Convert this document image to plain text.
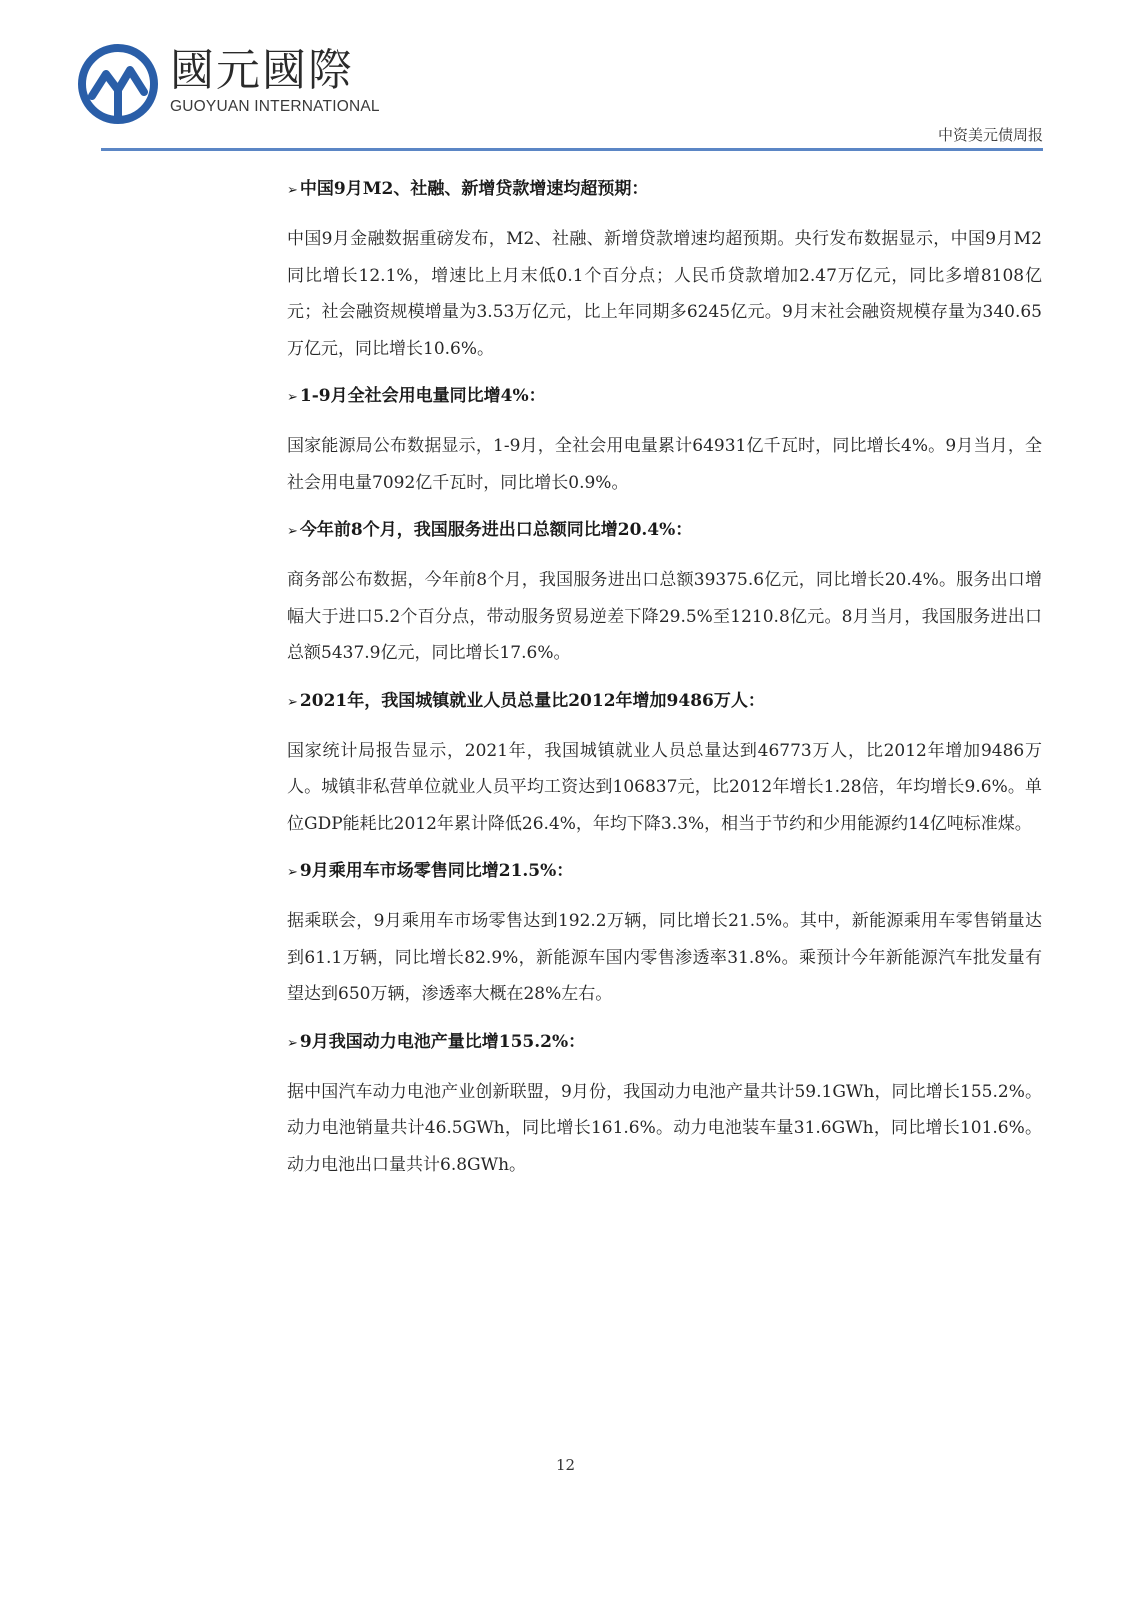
國元國際
GUOYUAN INTERNATIONAL
中资美元债周报
➢ 中国9月M2、社融、新增贷款增速均超预期：
中国9月金融数据重磅发布，M2、社融、新增贷款增速均超预期。央行发布数据显示，中国9月M2同比增长12.1%，增速比上月末低0.1个百分点；人民币贷款增加2.47万亿元，同比多增8108亿元；社会融资规模增量为3.53万亿元，比上年同期多6245亿元。9月末社会融资规模存量为340.65万亿元，同比增长10.6%。
➢ 1-9月全社会用电量同比增4%：
国家能源局公布数据显示，1-9月，全社会用电量累计64931亿千瓦时，同比增长4%。9月当月，全社会用电量7092亿千瓦时，同比增长0.9%。
➢ 今年前8个月，我国服务进出口总额同比增20.4%：
商务部公布数据，今年前8个月，我国服务进出口总额39375.6亿元，同比增长20.4%。服务出口增幅大于进口5.2个百分点，带动服务贸易逆差下降29.5%至1210.8亿元。8月当月，我国服务进出口总额5437.9亿元，同比增长17.6%。
➢ 2021年，我国城镇就业人员总量比2012年增加9486万人：
国家统计局报告显示，2021年，我国城镇就业人员总量达到46773万人，比2012年增加9486万人。城镇非私营单位就业人员平均工资达到106837元，比2012年增长1.28倍，年均增长9.6%。单位GDP能耗比2012年累计降低26.4%，年均下降3.3%，相当于节约和少用能源约14亿吨标准煤。
➢ 9月乘用车市场零售同比增21.5%：
据乘联会，9月乘用车市场零售达到192.2万辆，同比增长21.5%。其中，新能源乘用车零售销量达到61.1万辆，同比增长82.9%，新能源车国内零售渗透率31.8%。乘预计今年新能源汽车批发量有望达到650万辆，渗透率大概在28%左右。
➢ 9月我国动力电池产量比增155.2%：
据中国汽车动力电池产业创新联盟，9月份，我国动力电池产量共计59.1GWh，同比增长155.2%。动力电池销量共计46.5GWh，同比增长161.6%。动力电池装车量31.6GWh，同比增长101.6%。动力电池出口量共计6.8GWh。
12
